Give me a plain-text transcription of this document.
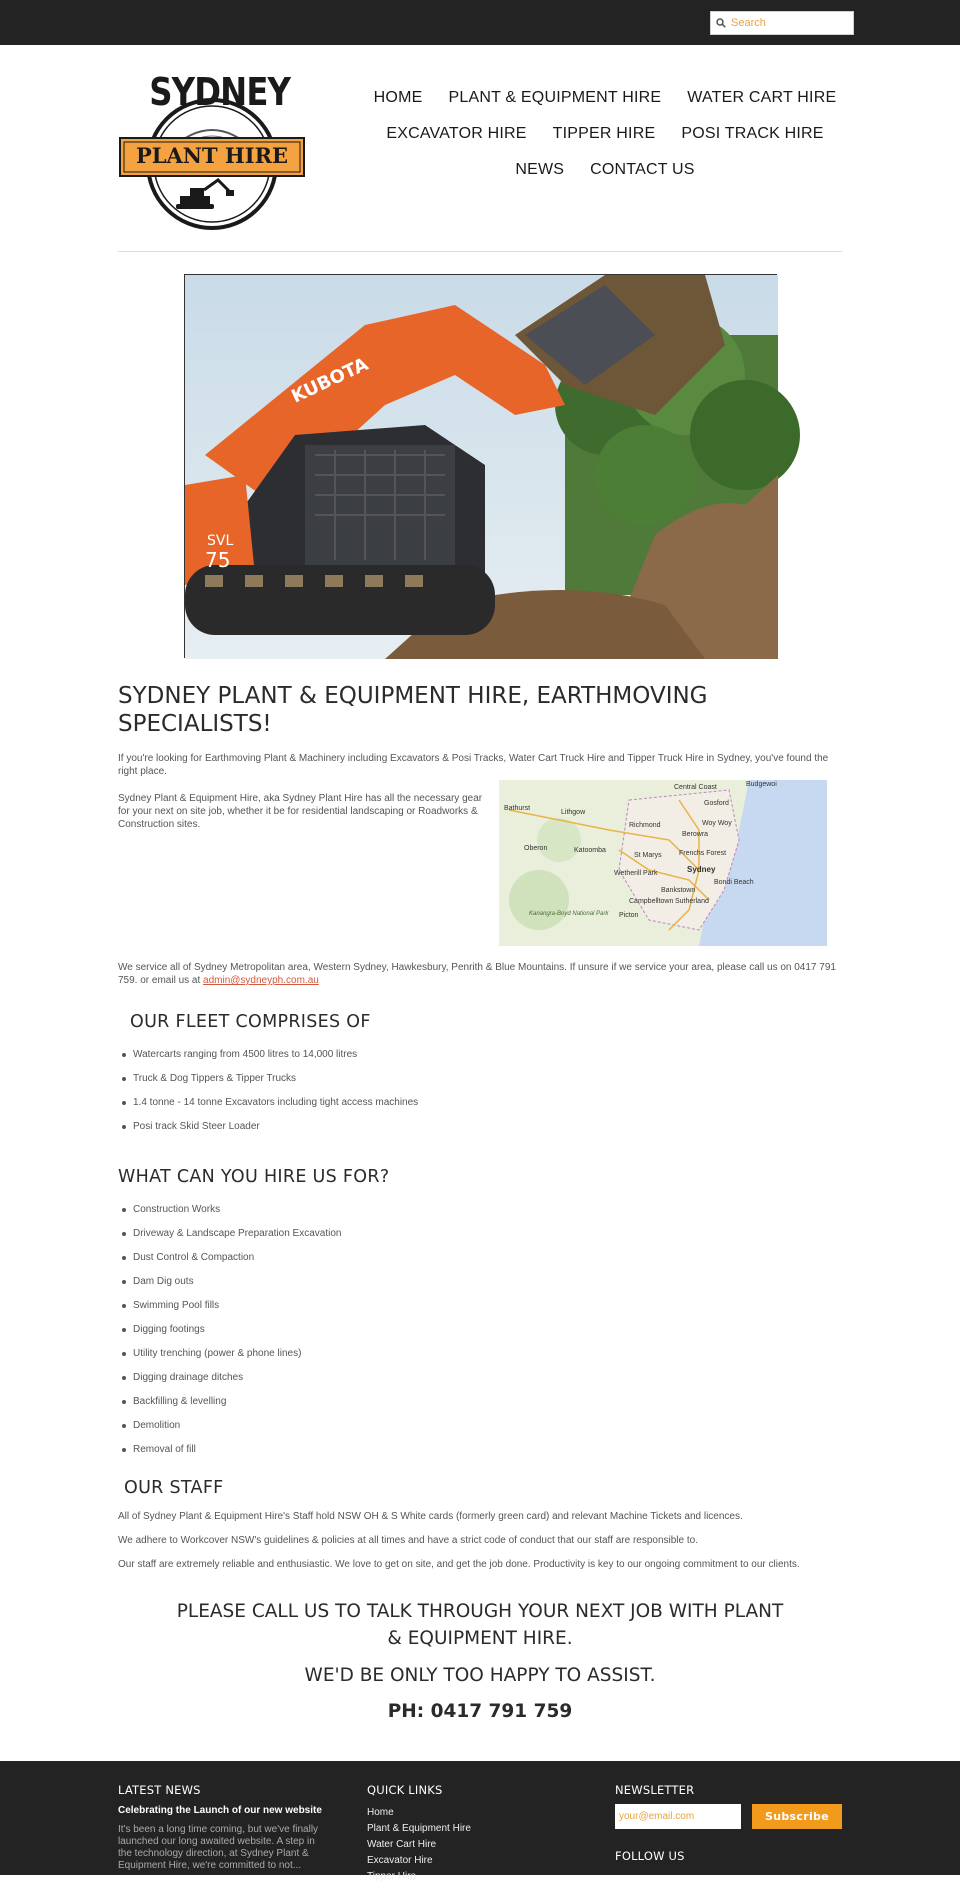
Search
SYDNEY
PLANT HIRE
HOME PLANT & EQUIPMENT HIRE WATER CART HIRE
EXCAVATOR HIRE TIPPER HIRE POSI TRACK HIRE
NEWS CONTACT US
KUBOTA
SVL
75
SYDNEY PLANT & EQUIPMENT HIRE, EARTHMOVING SPECIALISTS!

If you're looking for Earthmoving Plant & Machinery including Excavators & Posi Tracks, Water Cart Truck Hire and Tipper Truck Hire in Sydney, you've found the right place.

Sydney Plant & Equipment Hire, aka Sydney Plant Hire has all the necessary gear for your next on site job, whether it be for residential landscaping or Roadworks & Construction sites.

Central Coast	Budgewoi
Gosford
Bathurst
Lithgow
Richmond	Woy Woy
Berowra
Oberon	Katoomba
St Marys Frenchs Forest
Wetherill Park	Sydney
Bondi Beach
Bankstown
Campbelltown Sutherland
Picton
Kanangra-Boyd National Park

We service all of Sydney Metropolitan area, Western Sydney, Hawkesbury, Penrith & Blue Mountains. If unsure if we service your area, please call us on 0417 791 759. or email us at admin@sydneyph.com.au

OUR FLEET COMPRISES OF
Watercarts ranging from 4500 litres to 14,000 litres
Truck & Dog Tippers & Tipper Trucks
1.4 tonne - 14 tonne Excavators including tight access machines
Posi track Skid Steer Loader
WHAT CAN YOU HIRE US FOR?
Construction Works
Driveway & Landscape Preparation Excavation
Dust Control & Compaction
Dam Dig outs
Swimming Pool fills
Digging footings
Utility trenching (power & phone lines)
Digging drainage ditches
Backfilling & levelling
Demolition
Removal of fill
OUR STAFF

All of Sydney Plant & Equipment Hire's Staff hold NSW OH & S White cards (formerly green card) and relevant Machine Tickets and licences.

We adhere to Workcover NSW's guidelines & policies at all times and have a strict code of conduct that our staff are responsible to.

Our staff are extremely reliable and enthusiastic. We love to get on site, and get the job done. Productivity is key to our ongoing commitment to our clients.

PLEASE CALL US TO TALK THROUGH YOUR NEXT JOB WITH PLANT & EQUIPMENT HIRE.
WE'D BE ONLY TOO HAPPY TO ASSIST.
PH: 0417 791 759
LATEST NEWS
Celebrating the Launch of our new website
It's been a long time coming, but we've finally launched our long awaited website. A step in the technology direction, at Sydney Plant & Equipment Hire, we're committed to not...
QUICK LINKS
Home
Plant & Equipment Hire
Water Cart Hire
Excavator Hire
Tipper Hire
NEWSLETTER
your@email.com
Subscribe
FOLLOW US
